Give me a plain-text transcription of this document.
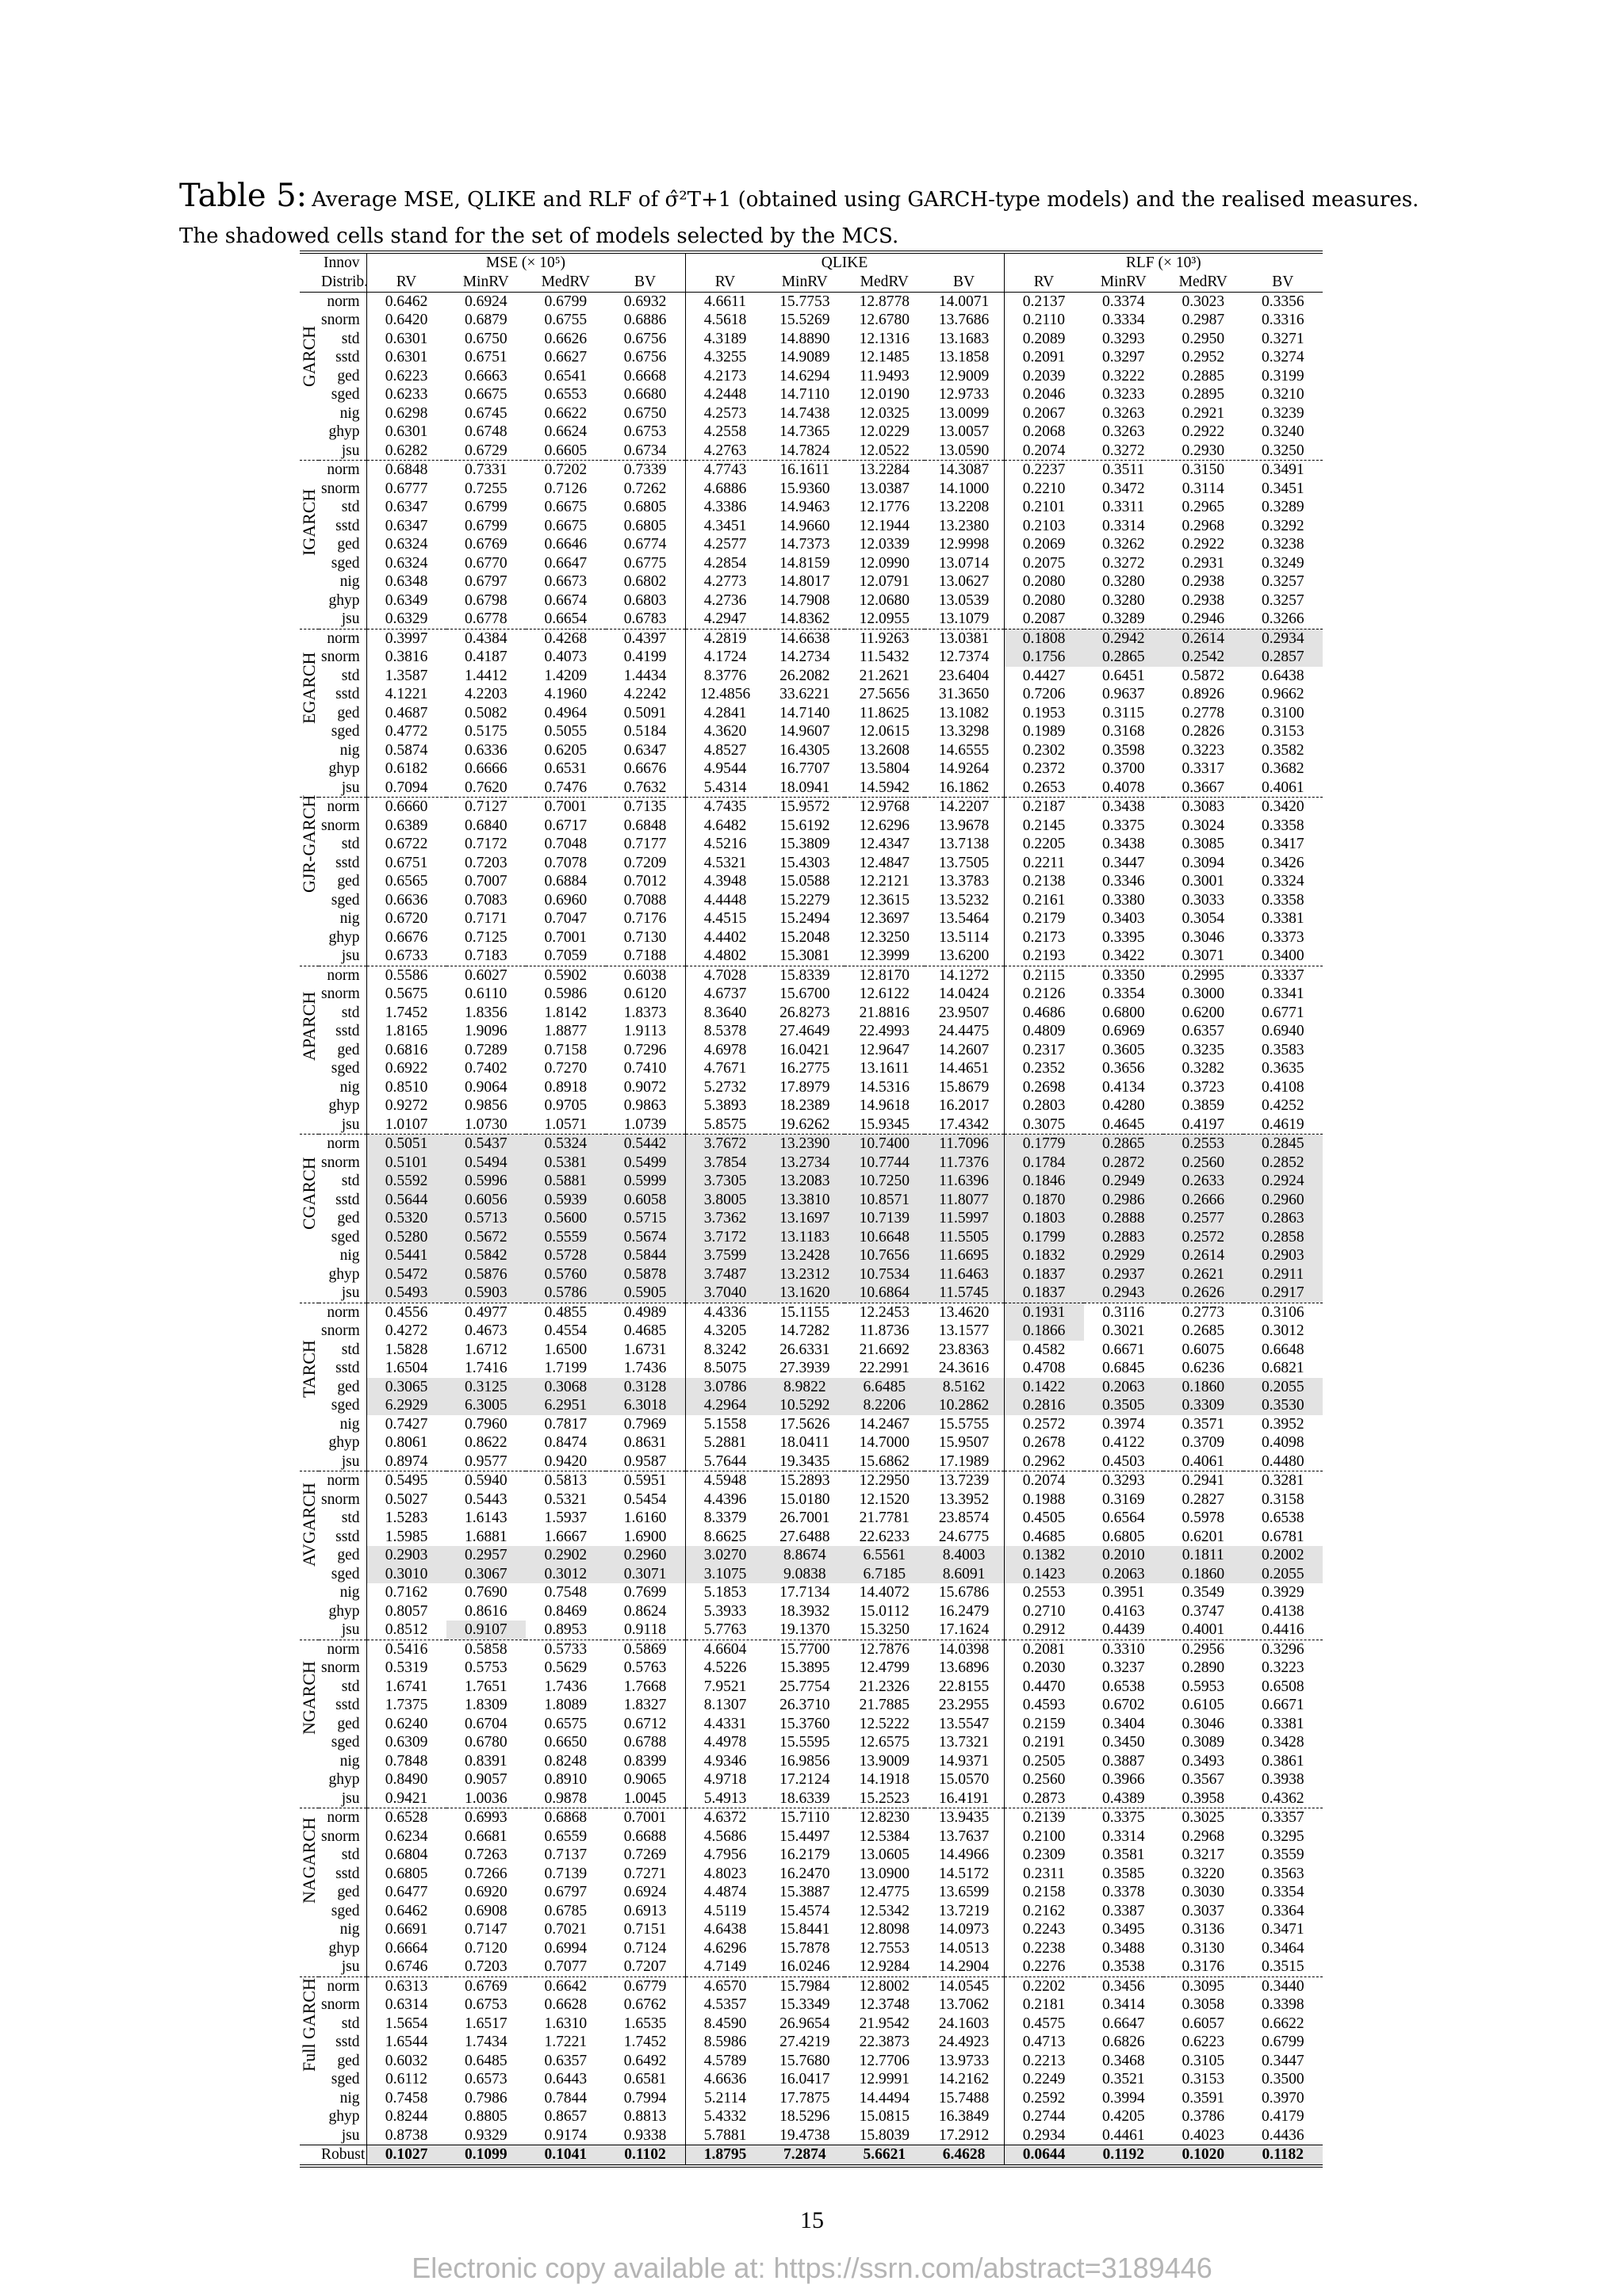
Table 5: Average MSE, QLIKE and RLF of σ̂²T+1 (obtained using GARCH-type models) and the realised measures. The shadowed cells stand for the set of models selected by the MCS.
	Innov	MSE (× 10⁵)				QLIKE				RLF (× 10³)			
	Distrib.	RV	MinRV	MedRV	BV	RV	MinRV	MedRV	BV	RV	MinRV	MedRV	BV

GARCH	norm	0.6462	0.6924	0.6799	0.6932	4.6611	15.7753	12.8778	14.0071	0.2137	0.3374	0.3023	0.3356
	snorm	0.6420	0.6879	0.6755	0.6886	4.5618	15.5269	12.6780	13.7686	0.2110	0.3334	0.2987	0.3316
	std	0.6301	0.6750	0.6626	0.6756	4.3189	14.8890	12.1316	13.1683	0.2089	0.3293	0.2950	0.3271
	sstd	0.6301	0.6751	0.6627	0.6756	4.3255	14.9089	12.1485	13.1858	0.2091	0.3297	0.2952	0.3274
	ged	0.6223	0.6663	0.6541	0.6668	4.2173	14.6294	11.9493	12.9009	0.2039	0.3222	0.2885	0.3199
	sged	0.6233	0.6675	0.6553	0.6680	4.2448	14.7110	12.0190	12.9733	0.2046	0.3233	0.2895	0.3210
	nig	0.6298	0.6745	0.6622	0.6750	4.2573	14.7438	12.0325	13.0099	0.2067	0.3263	0.2921	0.3239
	ghyp	0.6301	0.6748	0.6624	0.6753	4.2558	14.7365	12.0229	13.0057	0.2068	0.3263	0.2922	0.3240
	jsu	0.6282	0.6729	0.6605	0.6734	4.2763	14.7824	12.0522	13.0590	0.2074	0.3272	0.2930	0.3250

IGARCH	norm	0.6848	0.7331	0.7202	0.7339	4.7743	16.1611	13.2284	14.3087	0.2237	0.3511	0.3150	0.3491
	snorm	0.6777	0.7255	0.7126	0.7262	4.6886	15.9360	13.0387	14.1000	0.2210	0.3472	0.3114	0.3451
	std	0.6347	0.6799	0.6675	0.6805	4.3386	14.9463	12.1776	13.2208	0.2101	0.3311	0.2965	0.3289
	sstd	0.6347	0.6799	0.6675	0.6805	4.3451	14.9660	12.1944	13.2380	0.2103	0.3314	0.2968	0.3292
	ged	0.6324	0.6769	0.6646	0.6774	4.2577	14.7373	12.0339	12.9998	0.2069	0.3262	0.2922	0.3238
	sged	0.6324	0.6770	0.6647	0.6775	4.2854	14.8159	12.0990	13.0714	0.2075	0.3272	0.2931	0.3249
	nig	0.6348	0.6797	0.6673	0.6802	4.2773	14.8017	12.0791	13.0627	0.2080	0.3280	0.2938	0.3257
	ghyp	0.6349	0.6798	0.6674	0.6803	4.2736	14.7908	12.0680	13.0539	0.2080	0.3280	0.2938	0.3257
	jsu	0.6329	0.6778	0.6654	0.6783	4.2947	14.8362	12.0955	13.1079	0.2087	0.3289	0.2946	0.3266

EGARCH	norm	0.3997	0.4384	0.4268	0.4397	4.2819	14.6638	11.9263	13.0381	0.1808	0.2942	0.2614	0.2934
	snorm	0.3816	0.4187	0.4073	0.4199	4.1724	14.2734	11.5432	12.7374	0.1756	0.2865	0.2542	0.2857
	std	1.3587	1.4412	1.4209	1.4434	8.3776	26.2082	21.2621	23.6404	0.4427	0.6451	0.5872	0.6438
	sstd	4.1221	4.2203	4.1960	4.2242	12.4856	33.6221	27.5656	31.3650	0.7206	0.9637	0.8926	0.9662
	ged	0.4687	0.5082	0.4964	0.5091	4.2841	14.7140	11.8625	13.1082	0.1953	0.3115	0.2778	0.3100
	sged	0.4772	0.5175	0.5055	0.5184	4.3620	14.9607	12.0615	13.3298	0.1989	0.3168	0.2826	0.3153
	nig	0.5874	0.6336	0.6205	0.6347	4.8527	16.4305	13.2608	14.6555	0.2302	0.3598	0.3223	0.3582
	ghyp	0.6182	0.6666	0.6531	0.6676	4.9544	16.7707	13.5804	14.9264	0.2372	0.3700	0.3317	0.3682
	jsu	0.7094	0.7620	0.7476	0.7632	5.4314	18.0941	14.5942	16.1862	0.2653	0.4078	0.3667	0.4061

GJR-GARCH	norm	0.6660	0.7127	0.7001	0.7135	4.7435	15.9572	12.9768	14.2207	0.2187	0.3438	0.3083	0.3420
	snorm	0.6389	0.6840	0.6717	0.6848	4.6482	15.6192	12.6296	13.9678	0.2145	0.3375	0.3024	0.3358
	std	0.6722	0.7172	0.7048	0.7177	4.5216	15.3809	12.4347	13.7138	0.2205	0.3438	0.3085	0.3417
	sstd	0.6751	0.7203	0.7078	0.7209	4.5321	15.4303	12.4847	13.7505	0.2211	0.3447	0.3094	0.3426
	ged	0.6565	0.7007	0.6884	0.7012	4.3948	15.0588	12.2121	13.3783	0.2138	0.3346	0.3001	0.3324
	sged	0.6636	0.7083	0.6960	0.7088	4.4448	15.2279	12.3615	13.5232	0.2161	0.3380	0.3033	0.3358
	nig	0.6720	0.7171	0.7047	0.7176	4.4515	15.2494	12.3697	13.5464	0.2179	0.3403	0.3054	0.3381
	ghyp	0.6676	0.7125	0.7001	0.7130	4.4402	15.2048	12.3250	13.5114	0.2173	0.3395	0.3046	0.3373
	jsu	0.6733	0.7183	0.7059	0.7188	4.4802	15.3081	12.3999	13.6200	0.2193	0.3422	0.3071	0.3400

APARCH	norm	0.5586	0.6027	0.5902	0.6038	4.7028	15.8339	12.8170	14.1272	0.2115	0.3350	0.2995	0.3337
	snorm	0.5675	0.6110	0.5986	0.6120	4.6737	15.6700	12.6122	14.0424	0.2126	0.3354	0.3000	0.3341
	std	1.7452	1.8356	1.8142	1.8373	8.3640	26.8273	21.8816	23.9507	0.4686	0.6800	0.6200	0.6771
	sstd	1.8165	1.9096	1.8877	1.9113	8.5378	27.4649	22.4993	24.4475	0.4809	0.6969	0.6357	0.6940
	ged	0.6816	0.7289	0.7158	0.7296	4.6978	16.0421	12.9647	14.2607	0.2317	0.3605	0.3235	0.3583
	sged	0.6922	0.7402	0.7270	0.7410	4.7671	16.2775	13.1611	14.4651	0.2352	0.3656	0.3282	0.3635
	nig	0.8510	0.9064	0.8918	0.9072	5.2732	17.8979	14.5316	15.8679	0.2698	0.4134	0.3723	0.4108
	ghyp	0.9272	0.9856	0.9705	0.9863	5.3893	18.2389	14.9618	16.2017	0.2803	0.4280	0.3859	0.4252
	jsu	1.0107	1.0730	1.0571	1.0739	5.8575	19.6262	15.9345	17.4342	0.3075	0.4645	0.4197	0.4619

CGARCH	norm	0.5051	0.5437	0.5324	0.5442	3.7672	13.2390	10.7400	11.7096	0.1779	0.2865	0.2553	0.2845
	snorm	0.5101	0.5494	0.5381	0.5499	3.7854	13.2734	10.7744	11.7376	0.1784	0.2872	0.2560	0.2852
	std	0.5592	0.5996	0.5881	0.5999	3.7305	13.2083	10.7250	11.6396	0.1846	0.2949	0.2633	0.2924
	sstd	0.5644	0.6056	0.5939	0.6058	3.8005	13.3810	10.8571	11.8077	0.1870	0.2986	0.2666	0.2960
	ged	0.5320	0.5713	0.5600	0.5715	3.7362	13.1697	10.7139	11.5997	0.1803	0.2888	0.2577	0.2863
	sged	0.5280	0.5672	0.5559	0.5674	3.7172	13.1183	10.6648	11.5505	0.1799	0.2883	0.2572	0.2858
	nig	0.5441	0.5842	0.5728	0.5844	3.7599	13.2428	10.7656	11.6695	0.1832	0.2929	0.2614	0.2903
	ghyp	0.5472	0.5876	0.5760	0.5878	3.7487	13.2312	10.7534	11.6463	0.1837	0.2937	0.2621	0.2911
	jsu	0.5493	0.5903	0.5786	0.5905	3.7040	13.1620	10.6864	11.5745	0.1837	0.2943	0.2626	0.2917

TARCH	norm	0.4556	0.4977	0.4855	0.4989	4.4336	15.1155	12.2453	13.4620	0.1931	0.3116	0.2773	0.3106
	snorm	0.4272	0.4673	0.4554	0.4685	4.3205	14.7282	11.8736	13.1577	0.1866	0.3021	0.2685	0.3012
	std	1.5828	1.6712	1.6500	1.6731	8.3242	26.6331	21.6692	23.8363	0.4582	0.6671	0.6075	0.6648
	sstd	1.6504	1.7416	1.7199	1.7436	8.5075	27.3939	22.2991	24.3616	0.4708	0.6845	0.6236	0.6821
	ged	0.3065	0.3125	0.3068	0.3128	3.0786	8.9822	6.6485	8.5162	0.1422	0.2063	0.1860	0.2055
	sged	6.2929	6.3005	6.2951	6.3018	4.2964	10.5292	8.2206	10.2862	0.2816	0.3505	0.3309	0.3530
	nig	0.7427	0.7960	0.7817	0.7969	5.1558	17.5626	14.2467	15.5755	0.2572	0.3974	0.3571	0.3952
	ghyp	0.8061	0.8622	0.8474	0.8631	5.2881	18.0411	14.7000	15.9507	0.2678	0.4122	0.3709	0.4098
	jsu	0.8974	0.9577	0.9420	0.9587	5.7644	19.3435	15.6862	17.1989	0.2962	0.4503	0.4061	0.4480

AVGARCH	norm	0.5495	0.5940	0.5813	0.5951	4.5948	15.2893	12.2950	13.7239	0.2074	0.3293	0.2941	0.3281
	snorm	0.5027	0.5443	0.5321	0.5454	4.4396	15.0180	12.1520	13.3952	0.1988	0.3169	0.2827	0.3158
	std	1.5283	1.6143	1.5937	1.6160	8.3379	26.7001	21.7781	23.8574	0.4505	0.6564	0.5978	0.6538
	sstd	1.5985	1.6881	1.6667	1.6900	8.6625	27.6488	22.6233	24.6775	0.4685	0.6805	0.6201	0.6781
	ged	0.2903	0.2957	0.2902	0.2960	3.0270	8.8674	6.5561	8.4003	0.1382	0.2010	0.1811	0.2002
	sged	0.3010	0.3067	0.3012	0.3071	3.1075	9.0838	6.7185	8.6091	0.1423	0.2063	0.1860	0.2055
	nig	0.7162	0.7690	0.7548	0.7699	5.1853	17.7134	14.4072	15.6786	0.2553	0.3951	0.3549	0.3929
	ghyp	0.8057	0.8616	0.8469	0.8624	5.3933	18.3932	15.0112	16.2479	0.2710	0.4163	0.3747	0.4138
	jsu	0.8512	0.9107	0.8953	0.9118	5.7763	19.1370	15.3250	17.1624	0.2912	0.4439	0.4001	0.4416

NGARCH	norm	0.5416	0.5858	0.5733	0.5869	4.6604	15.7700	12.7876	14.0398	0.2081	0.3310	0.2956	0.3296
	snorm	0.5319	0.5753	0.5629	0.5763	4.5226	15.3895	12.4799	13.6896	0.2030	0.3237	0.2890	0.3223
	std	1.6741	1.7651	1.7436	1.7668	7.9521	25.7754	21.2326	22.8155	0.4470	0.6538	0.5953	0.6508
	sstd	1.7375	1.8309	1.8089	1.8327	8.1307	26.3710	21.7885	23.2955	0.4593	0.6702	0.6105	0.6671
	ged	0.6240	0.6704	0.6575	0.6712	4.4331	15.3760	12.5222	13.5547	0.2159	0.3404	0.3046	0.3381
	sged	0.6309	0.6780	0.6650	0.6788	4.4978	15.5595	12.6575	13.7321	0.2191	0.3450	0.3089	0.3428
	nig	0.7848	0.8391	0.8248	0.8399	4.9346	16.9856	13.9009	14.9371	0.2505	0.3887	0.3493	0.3861
	ghyp	0.8490	0.9057	0.8910	0.9065	4.9718	17.2124	14.1918	15.0570	0.2560	0.3966	0.3567	0.3938
	jsu	0.9421	1.0036	0.9878	1.0045	5.4913	18.6339	15.2523	16.4191	0.2873	0.4389	0.3958	0.4362

NAGARCH	norm	0.6528	0.6993	0.6868	0.7001	4.6372	15.7110	12.8230	13.9435	0.2139	0.3375	0.3025	0.3357
	snorm	0.6234	0.6681	0.6559	0.6688	4.5686	15.4497	12.5384	13.7637	0.2100	0.3314	0.2968	0.3295
	std	0.6804	0.7263	0.7137	0.7269	4.7956	16.2179	13.0605	14.4966	0.2309	0.3581	0.3217	0.3559
	sstd	0.6805	0.7266	0.7139	0.7271	4.8023	16.2470	13.0900	14.5172	0.2311	0.3585	0.3220	0.3563
	ged	0.6477	0.6920	0.6797	0.6924	4.4874	15.3887	12.4775	13.6599	0.2158	0.3378	0.3030	0.3354
	sged	0.6462	0.6908	0.6785	0.6913	4.5119	15.4574	12.5342	13.7219	0.2162	0.3387	0.3037	0.3364
	nig	0.6691	0.7147	0.7021	0.7151	4.6438	15.8441	12.8098	14.0973	0.2243	0.3495	0.3136	0.3471
	ghyp	0.6664	0.7120	0.6994	0.7124	4.6296	15.7878	12.7553	14.0513	0.2238	0.3488	0.3130	0.3464
	jsu	0.6746	0.7203	0.7077	0.7207	4.7149	16.0246	12.9284	14.2904	0.2276	0.3538	0.3176	0.3515

Full GARCH	norm	0.6313	0.6769	0.6642	0.6779	4.6570	15.7984	12.8002	14.0545	0.2202	0.3456	0.3095	0.3440
	snorm	0.6314	0.6753	0.6628	0.6762	4.5357	15.3349	12.3748	13.7062	0.2181	0.3414	0.3058	0.3398
	std	1.5654	1.6517	1.6310	1.6535	8.4590	26.9654	21.9542	24.1603	0.4575	0.6647	0.6057	0.6622
	sstd	1.6544	1.7434	1.7221	1.7452	8.5986	27.4219	22.3873	24.4923	0.4713	0.6826	0.6223	0.6799
	ged	0.6032	0.6485	0.6357	0.6492	4.5789	15.7680	12.7706	13.9733	0.2213	0.3468	0.3105	0.3447
	sged	0.6112	0.6573	0.6443	0.6581	4.6636	16.0417	12.9991	14.2162	0.2249	0.3521	0.3153	0.3500
	nig	0.7458	0.7986	0.7844	0.7994	5.2114	17.7875	14.4494	15.7488	0.2592	0.3994	0.3591	0.3970
	ghyp	0.8244	0.8805	0.8657	0.8813	5.4332	18.5296	15.0815	16.3849	0.2744	0.4205	0.3786	0.4179
	jsu	0.8738	0.9329	0.9174	0.9338	5.7881	19.4738	15.8039	17.2912	0.2934	0.4461	0.4023	0.4436
	Robust	0.1027	0.1099	0.1041	0.1102	1.8795	7.2874	5.6621	6.4628	0.0644	0.1192	0.1020	0.1182
15
Electronic copy available at: https://ssrn.com/abstract=3189446
